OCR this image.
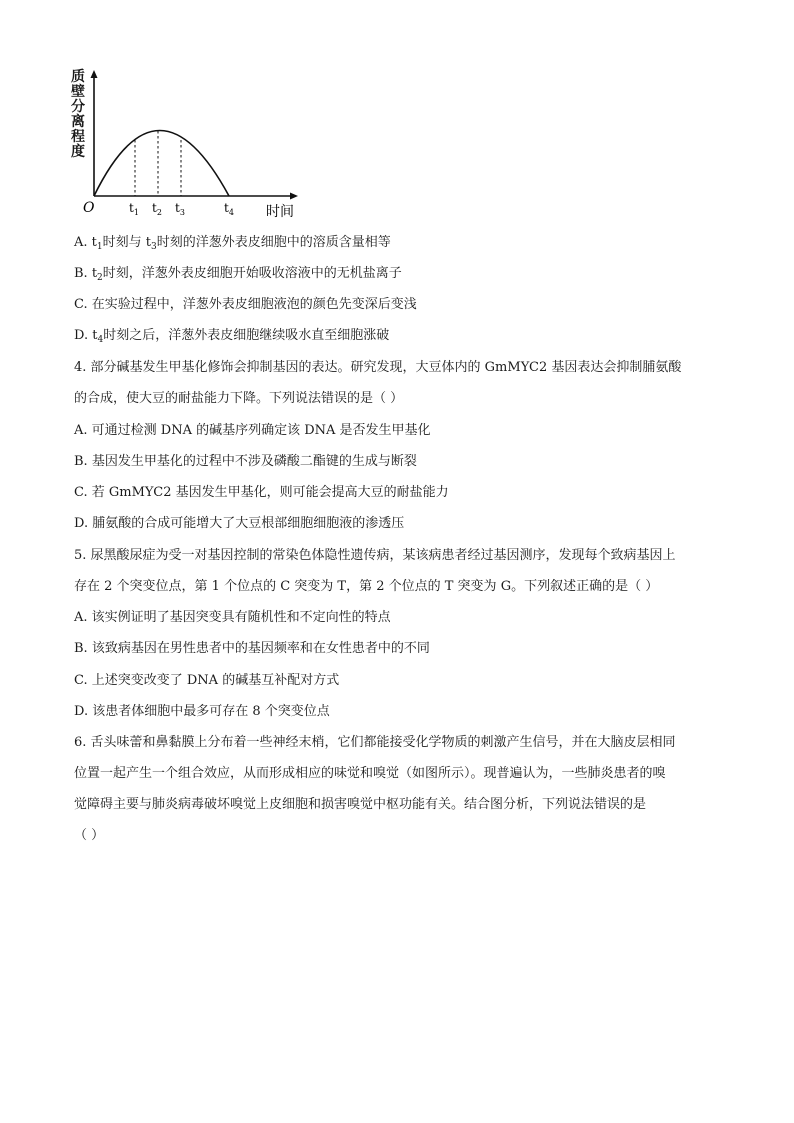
质
壁
分
离
程
度
O	$t_1$ $t_2$ $t_3$	$t_4$ 时间
A. $t_1$时刻与 $t_3$时刻的洋葱外表皮细胞中的溶质含量相等
B. $t_2$时刻，洋葱外表皮细胞开始吸收溶液中的无机盐离子
C. 在实验过程中，洋葱外表皮细胞液泡的颜色先变深后变浅
D. $t_4$时刻之后，洋葱外表皮细胞继续吸水直至细胞涨破
4. 部分碱基发生甲基化修饰会抑制基因的表达。研究发现，大豆体内的 GmMYC2 基因表达会抑制脯氨酸
的合成，使大豆的耐盐能力下降。下列说法错误的是（ ）
A. 可通过检测 DNA 的碱基序列确定该 DNA 是否发生甲基化
B. 基因发生甲基化的过程中不涉及磷酸二酯键的生成与断裂
C. 若 GmMYC2 基因发生甲基化，则可能会提高大豆的耐盐能力
D. 脯氨酸的合成可能增大了大豆根部细胞细胞液的渗透压
5. 尿黑酸尿症为受一对基因控制的常染色体隐性遗传病，某该病患者经过基因测序，发现每个致病基因上
存在 2 个突变位点，第 1 个位点的 C 突变为 T，第 2 个位点的 T 突变为 G。下列叙述正确的是（ ）
A. 该实例证明了基因突变具有随机性和不定向性的特点
B. 该致病基因在男性患者中的基因频率和在女性患者中的不同
C. 上述突变改变了 DNA 的碱基互补配对方式
D. 该患者体细胞中最多可存在 8 个突变位点
6. 舌头味蕾和鼻黏膜上分布着一些神经末梢，它们都能接受化学物质的刺激产生信号，并在大脑皮层相同
位置一起产生一个组合效应，从而形成相应的味觉和嗅觉（如图所示）。现普遍认为，一些肺炎患者的嗅
觉障碍主要与肺炎病毒破坏嗅觉上皮细胞和损害嗅觉中枢功能有关。结合图分析，下列说法错误的是
（ ）
